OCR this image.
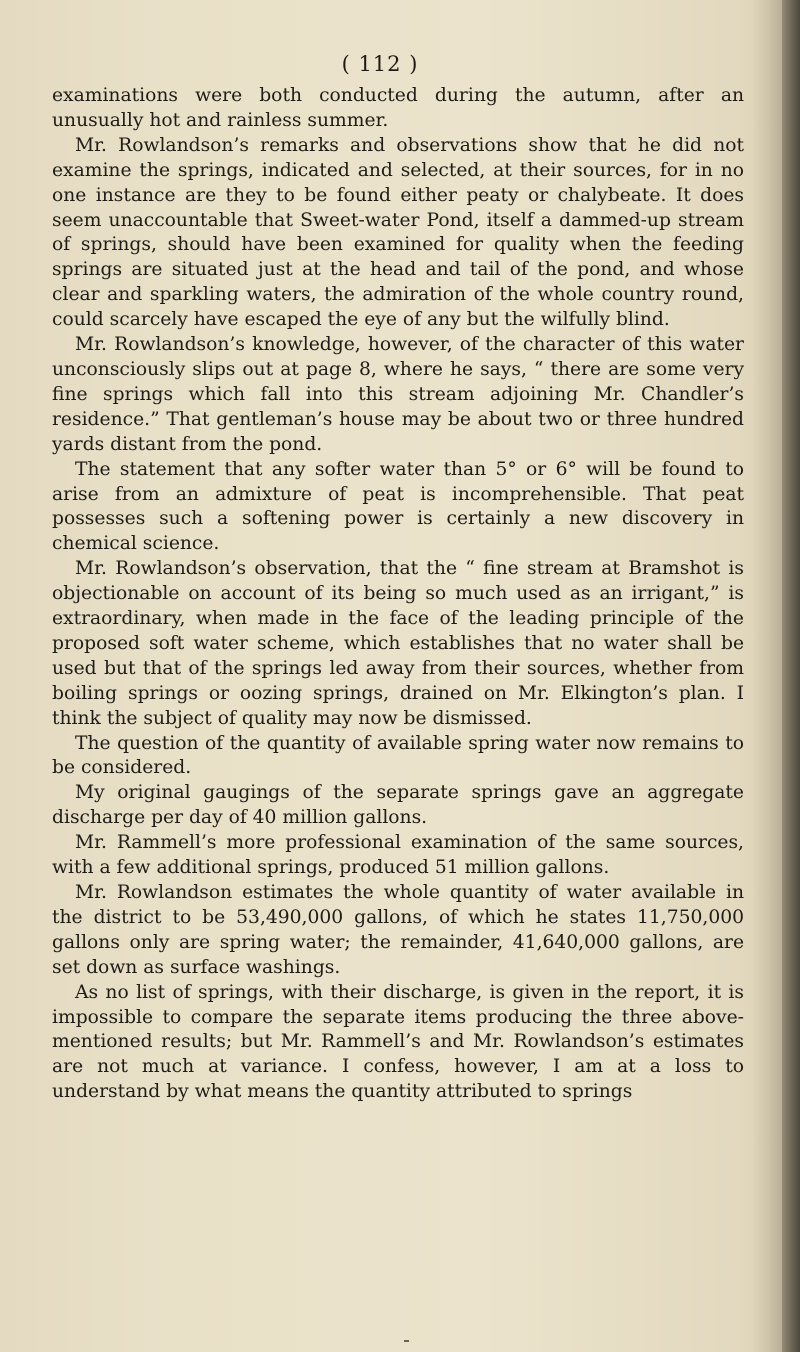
( 112 )

examinations were both conducted during the autumn, after an unusually hot and rainless summer.

Mr. Rowlandson’s remarks and observations show that he did not examine the springs, indicated and selected, at their sources, for in no one instance are they to be found either peaty or chalybeate. It does seem unaccountable that Sweet-water Pond, itself a dammed-up stream of springs, should have been examined for quality when the feeding springs are situated just at the head and tail of the pond, and whose clear and sparkling waters, the admiration of the whole country round, could scarcely have escaped the eye of any but the wilfully blind.

Mr. Rowlandson’s knowledge, however, of the character of this water unconsciously slips out at page 8, where he says, “ there are some very fine springs which fall into this stream adjoining Mr. Chandler’s residence.” That gentleman’s house may be about two or three hundred yards distant from the pond.

The statement that any softer water than 5° or 6° will be found to arise from an admixture of peat is incomprehensible. That peat possesses such a softening power is certainly a new discovery in chemical science.

Mr. Rowlandson’s observation, that the “ fine stream at Bramshot is objectionable on account of its being so much used as an irrigant,” is extraordinary, when made in the face of the leading principle of the proposed soft water scheme, which establishes that no water shall be used but that of the springs led away from their sources, whether from boiling springs or oozing springs, drained on Mr. Elkington’s plan. I think the subject of quality may now be dismissed.

The question of the quantity of available spring water now remains to be considered.

My original gaugings of the separate springs gave an aggregate discharge per day of 40 million gallons.

Mr. Rammell’s more professional examination of the same sources, with a few additional springs, produced 51 million gallons.

Mr. Rowlandson estimates the whole quantity of water available in the district to be 53,490,000 gallons, of which he states 11,750,000 gallons only are spring water; the remainder, 41,640,000 gallons, are set down as surface washings.

As no list of springs, with their discharge, is given in the report, it is impossible to compare the separate items producing the three above-mentioned results; but Mr. Rammell’s and Mr. Rowlandson’s estimates are not much at variance. I confess, however, I am at a loss to understand by what means the quantity attributed to springs
